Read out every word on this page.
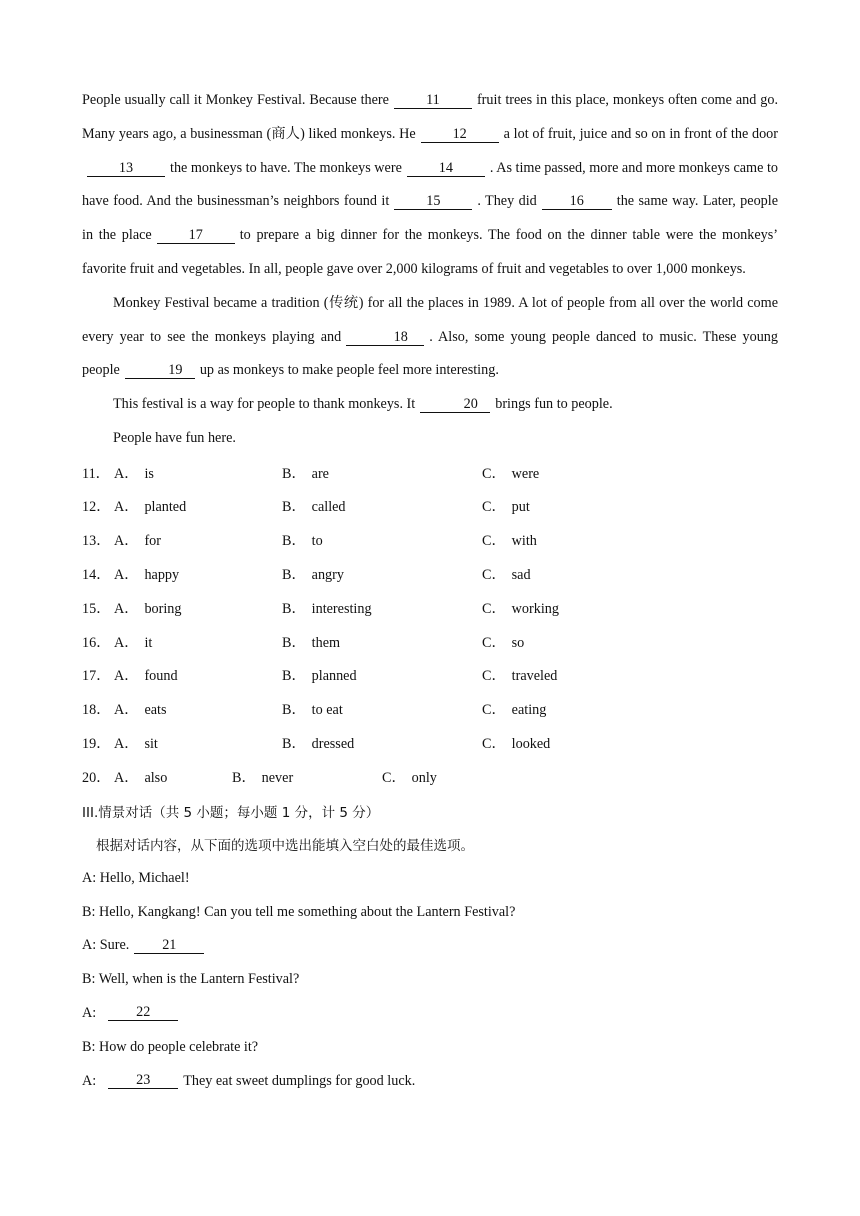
People usually call it Monkey Festival. Because there	11	fruit trees in this place, monkeys often come and go. Many years ago, a businessman (商人) liked monkeys. He	12	a lot of fruit, juice and so on in front of the door13	the monkeys to have. The monkeys were	14	. As time passed, more and more monkeys came to have food. And the businessman’s neighbors found it	15	. They did 16 the same way. Later, people in the place	17	to prepare a big dinner for the monkeys. The food on the dinner table were the monkeys’ favorite fruit and vegetables. In all, people gave over 2,000 kilograms of fruit and vegetables to over 1,000 monkeys.

Monkey Festival became a tradition (传统) for all the places in 1989. A lot of people from all over the world come every year to see the monkeys playing and	18 . Also, some young people danced to music. These young people	19 up as monkeys to make people feel more interesting.

This festival is a way for people to thank monkeys. It	20 brings fun to people.

People have fun here.

11． A． is	B． are	C． were
12． A． planted	B． called	C． put
13． A． for	B． to	C． with
14． A． happy	B． angry	C． sad
15． A． boring	B． interesting	C． working
16． A． it	B． them	C． so
17． A． found	B． planned	C． traveled
18． A． eats	B． to eat	C． eating
19． A． sit	B． dressed	C． looked
20． A． also	B． never	C． only
III.情景对话（共 5 小题；每小题 1 分，计 5 分）
根据对话内容，从下面的选项中选出能填入空白处的最佳选项。
A: Hello, Michael!
B: Hello, Kangkang! Can you tell me something about the Lantern Festival?
A: Sure.	21
B: Well, when is the Lantern Festival?
A:	22
B: How do people celebrate it?
A:	23	They eat sweet dumplings for good luck.
